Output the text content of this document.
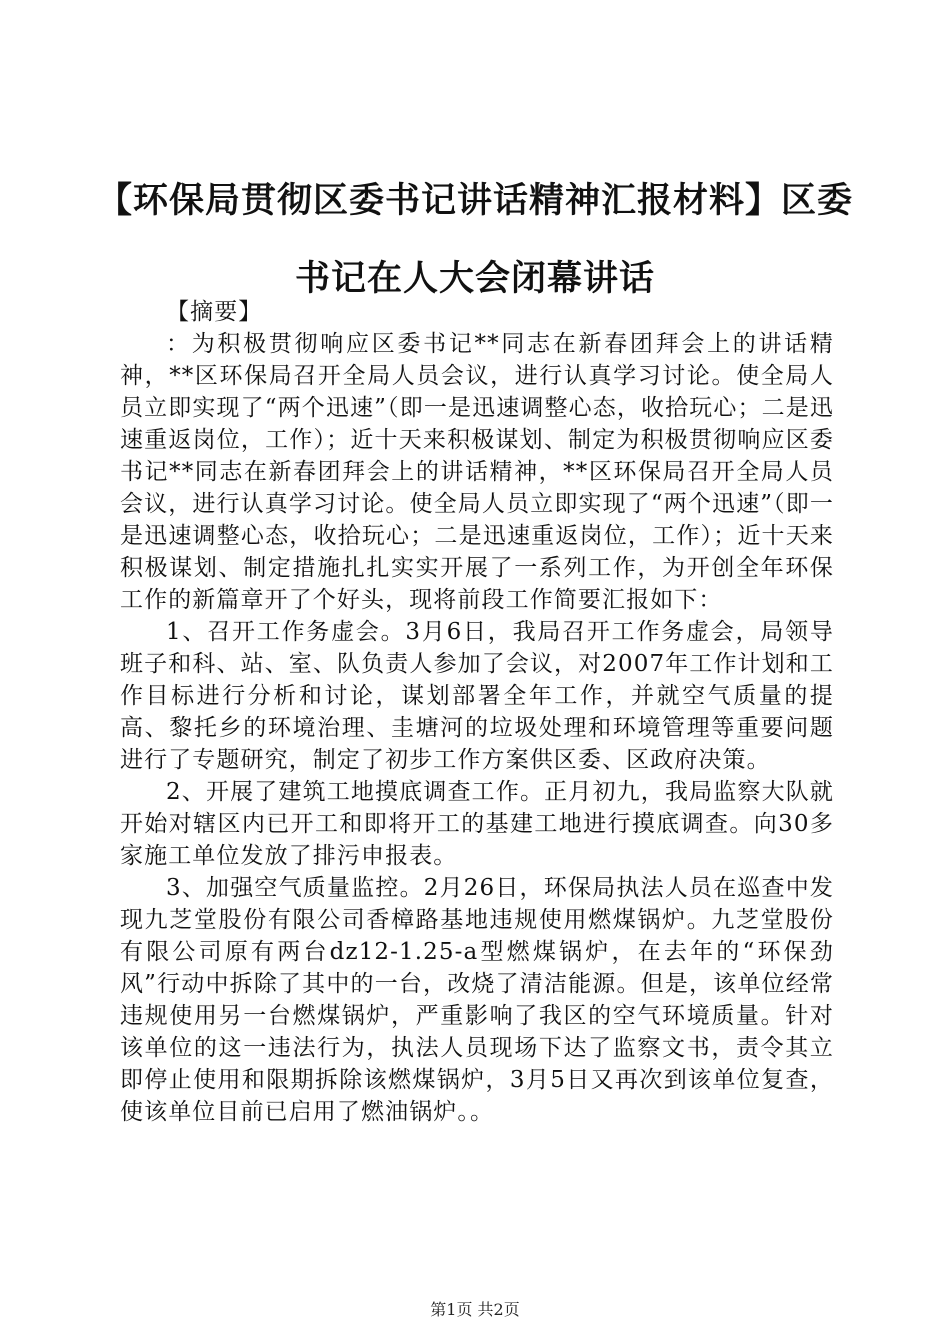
【环保局贯彻区委书记讲话精神汇报材料】区委书记在人大会闭幕讲话

【摘要】

：为积极贯彻响应区委书记**同志在新春团拜会上的讲话精神，**区环保局召开全局人员会议，进行认真学习讨论。使全局人员立即实现了“两个迅速”（即一是迅速调整心态，收拾玩心；二是迅速重返岗位，工作）；近十天来积极谋划、制定为积极贯彻响应区委书记**同志在新春团拜会上的讲话精神，**区环保局召开全局人员会议，进行认真学习讨论。使全局人员立即实现了“两个迅速”（即一是迅速调整心态，收拾玩心；二是迅速重返岗位，工作）；近十天来积极谋划、制定措施扎扎实实开展了一系列工作，为开创全年环保工作的新篇章开了个好头，现将前段工作简要汇报如下：

1、召开工作务虚会。3月6日，我局召开工作务虚会，局领导班子和科、站、室、队负责人参加了会议，对2007年工作计划和工作目标进行分析和讨论，谋划部署全年工作，并就空气质量的提高、黎托乡的环境治理、圭塘河的垃圾处理和环境管理等重要问题进行了专题研究，制定了初步工作方案供区委、区政府决策。

2、开展了建筑工地摸底调查工作。正月初九，我局监察大队就开始对辖区内已开工和即将开工的基建工地进行摸底调查。向30多家施工单位发放了排污申报表。

3、加强空气质量监控。2月26日，环保局执法人员在巡查中发现九芝堂股份有限公司香樟路基地违规使用燃煤锅炉。九芝堂股份有限公司原有两台dz12-1.25-a型燃煤锅炉，在去年的“环保劲风”行动中拆除了其中的一台，改烧了清洁能源。但是，该单位经常违规使用另一台燃煤锅炉，严重影响了我区的空气环境质量。针对该单位的这一违法行为，执法人员现场下达了监察文书，责令其立即停止使用和限期拆除该燃煤锅炉，3月5日又再次到该单位复查，使该单位目前已启用了燃油锅炉。。

第1页 共2页
